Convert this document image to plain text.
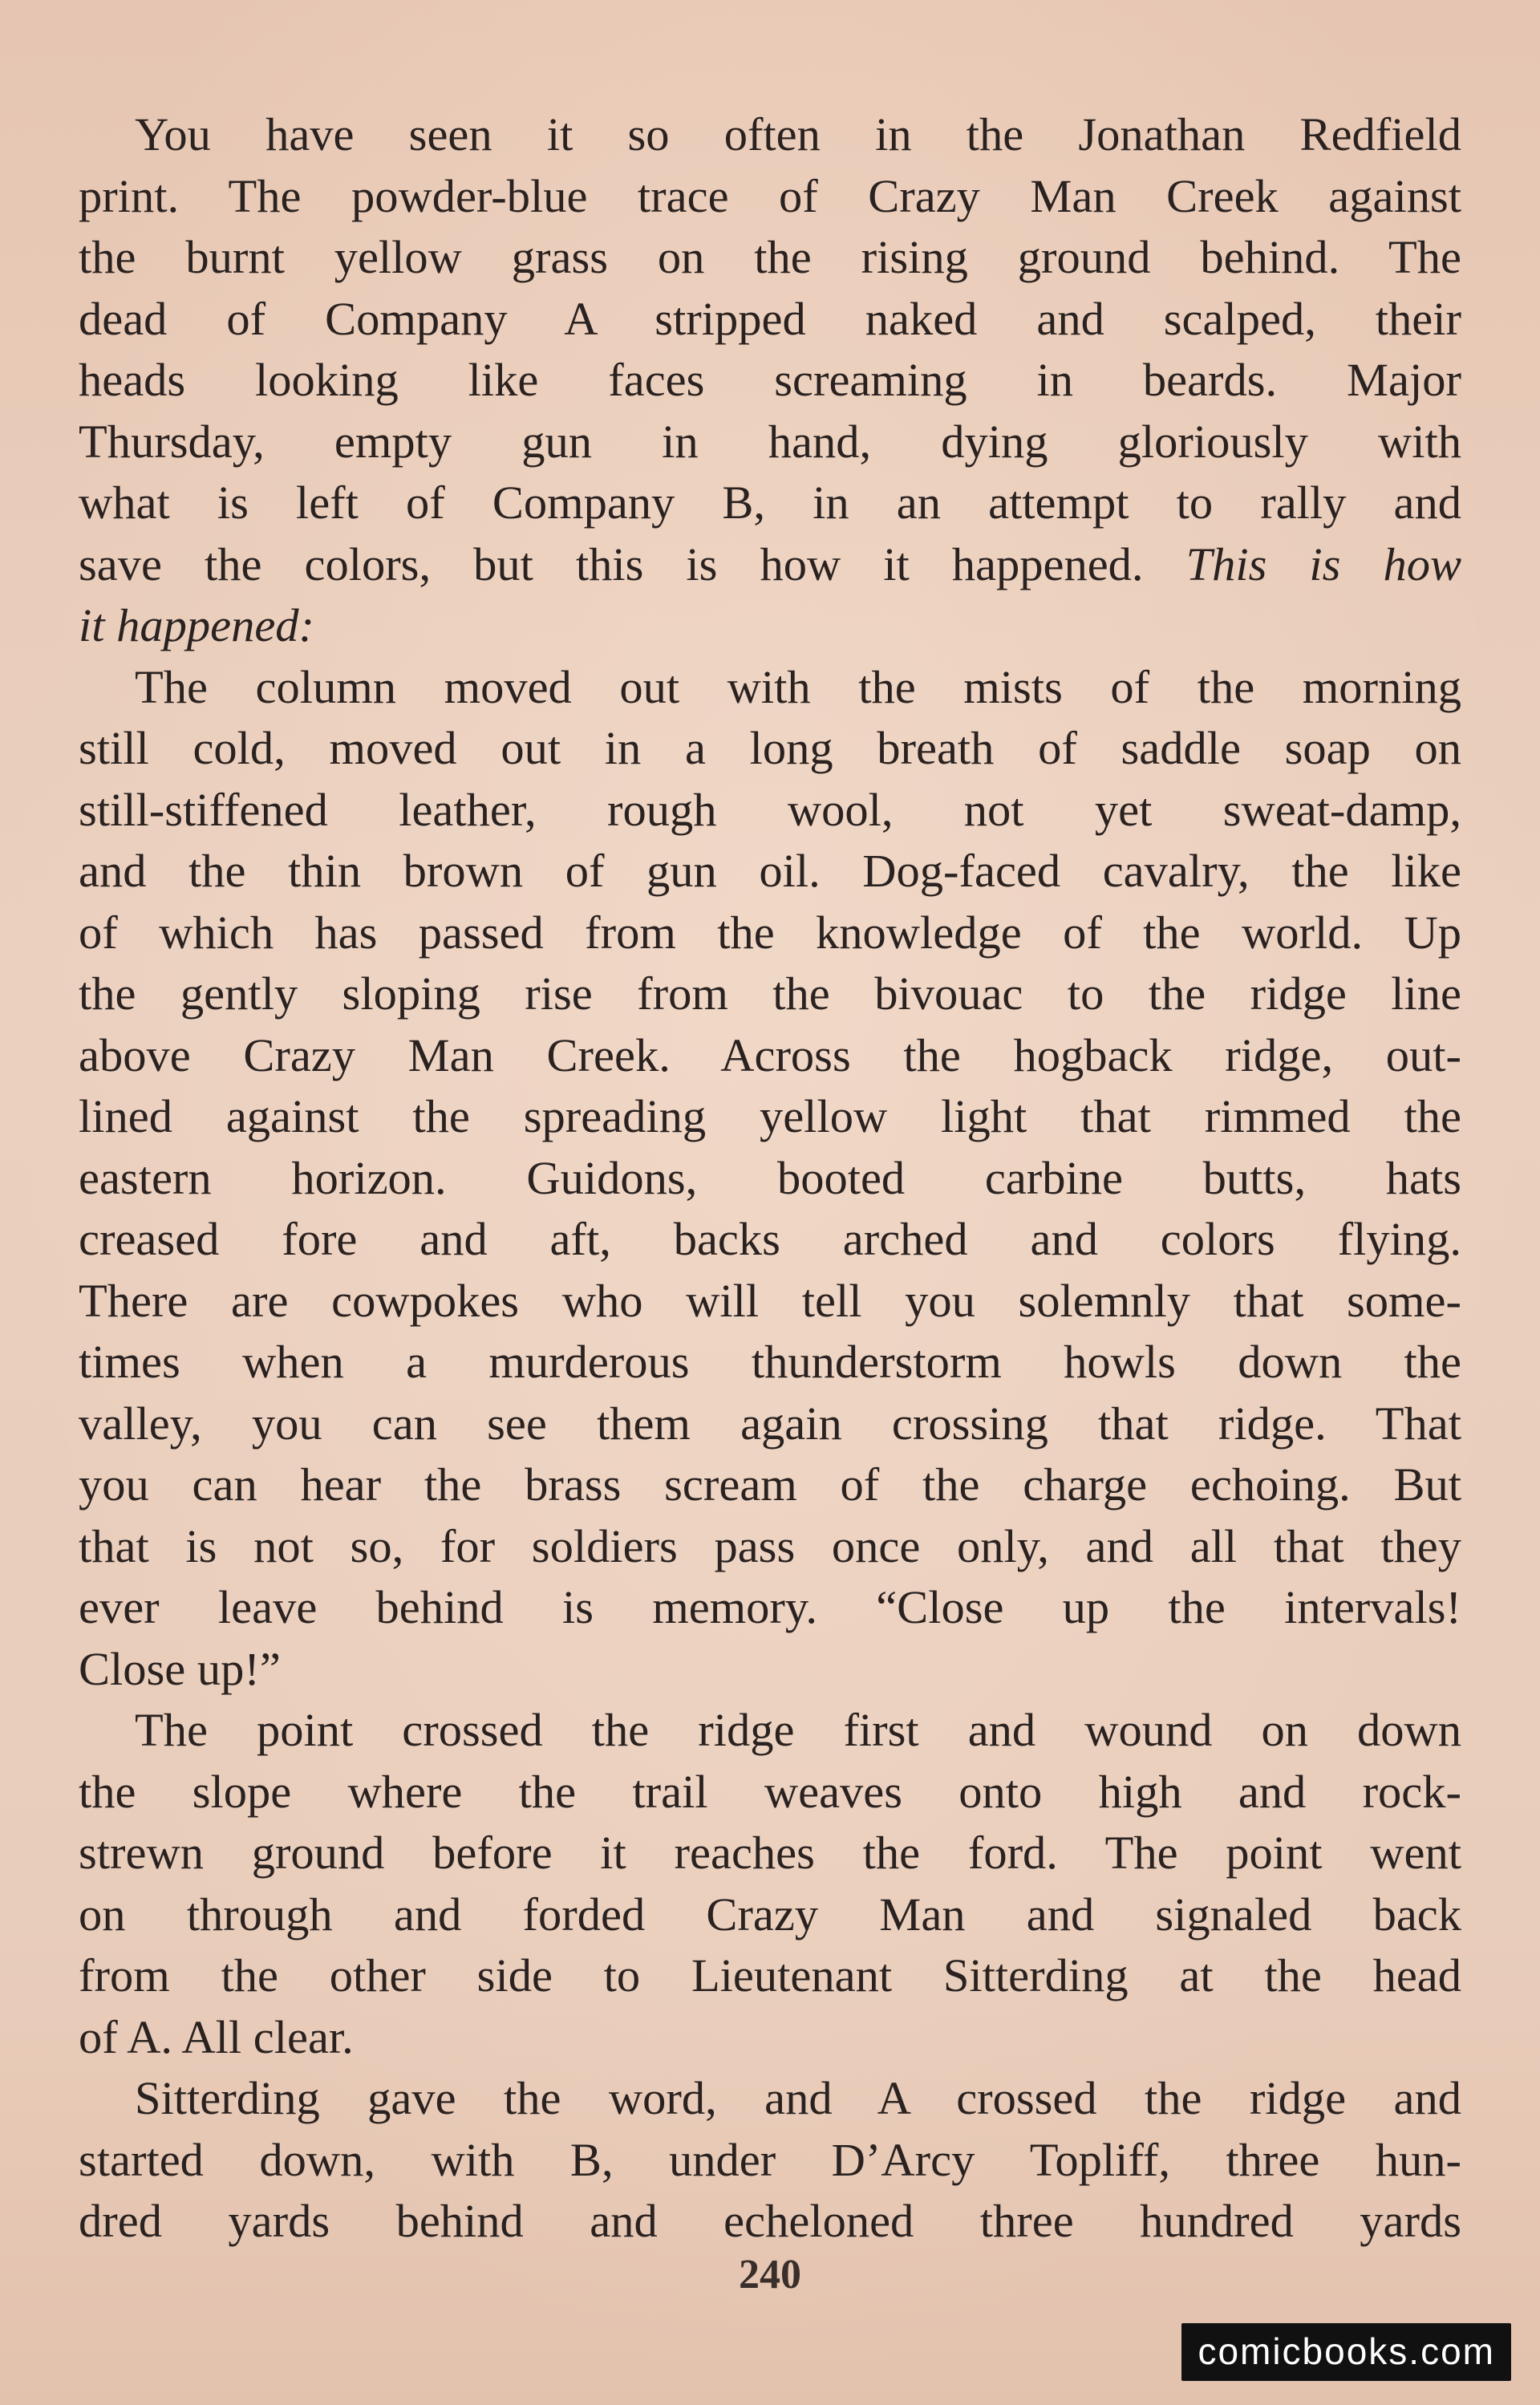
You have seen it so often in the Jonathan Redfield
print. The powder-blue trace of Crazy Man Creek against
the burnt yellow grass on the rising ground behind. The
dead of Company A stripped naked and scalped, their
heads looking like faces screaming in beards. Major
Thursday, empty gun in hand, dying gloriously with
what is left of Company B, in an attempt to rally and
save the colors, but this is how it happened. This is how
it happened:
The column moved out with the mists of the morning
still cold, moved out in a long breath of saddle soap on
still-stiffened leather, rough wool, not yet sweat-damp,
and the thin brown of gun oil. Dog-faced cavalry, the like
of which has passed from the knowledge of the world. Up
the gently sloping rise from the bivouac to the ridge line
above Crazy Man Creek. Across the hogback ridge, out-
lined against the spreading yellow light that rimmed the
eastern horizon. Guidons, booted carbine butts, hats
creased fore and aft, backs arched and colors flying.
There are cowpokes who will tell you solemnly that some-
times when a murderous thunderstorm howls down the
valley, you can see them again crossing that ridge. That
you can hear the brass scream of the charge echoing. But
that is not so, for soldiers pass once only, and all that they
ever leave behind is memory. “Close up the intervals!
Close up!”
The point crossed the ridge first and wound on down
the slope where the trail weaves onto high and rock-
strewn ground before it reaches the ford. The point went
on through and forded Crazy Man and signaled back
from the other side to Lieutenant Sitterding at the head
of A. All clear.
Sitterding gave the word, and A crossed the ridge and
started down, with B, under D’Arcy Topliff, three hun-
dred yards behind and echeloned three hundred yards
240
comicbooks.com
